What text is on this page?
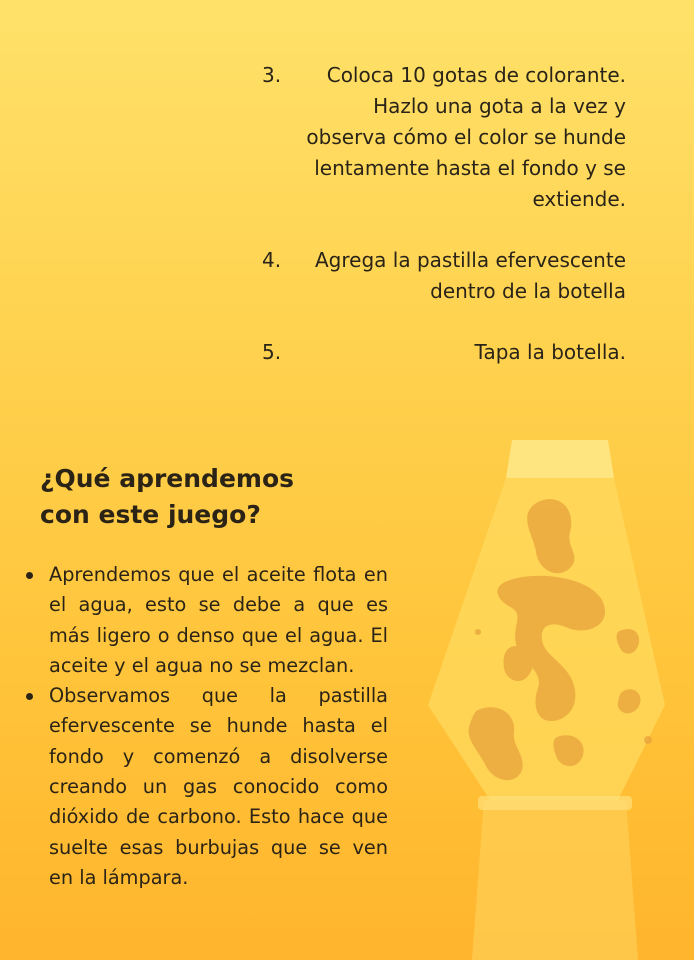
3.	Coloca 10 gotas de colorante. Hazlo una gota a la vez y observa cómo el color se hunde lentamente hasta el fondo y se extiende.

4.	Agrega la pastilla efervescente dentro de la botella

5.	Tapa la botella.

¿Qué aprendemos con este juego?
Aprendemos que el aceite flota en el agua, esto se debe a que es más ligero o denso que el agua. El aceite y el agua no se mezclan.
Observamos que la pastilla efervescente se hunde hasta el fondo y comenzó a disolverse creando un gas conocido como dióxido de carbono. Esto hace que suelte esas burbujas que se ven en la lámpara.
